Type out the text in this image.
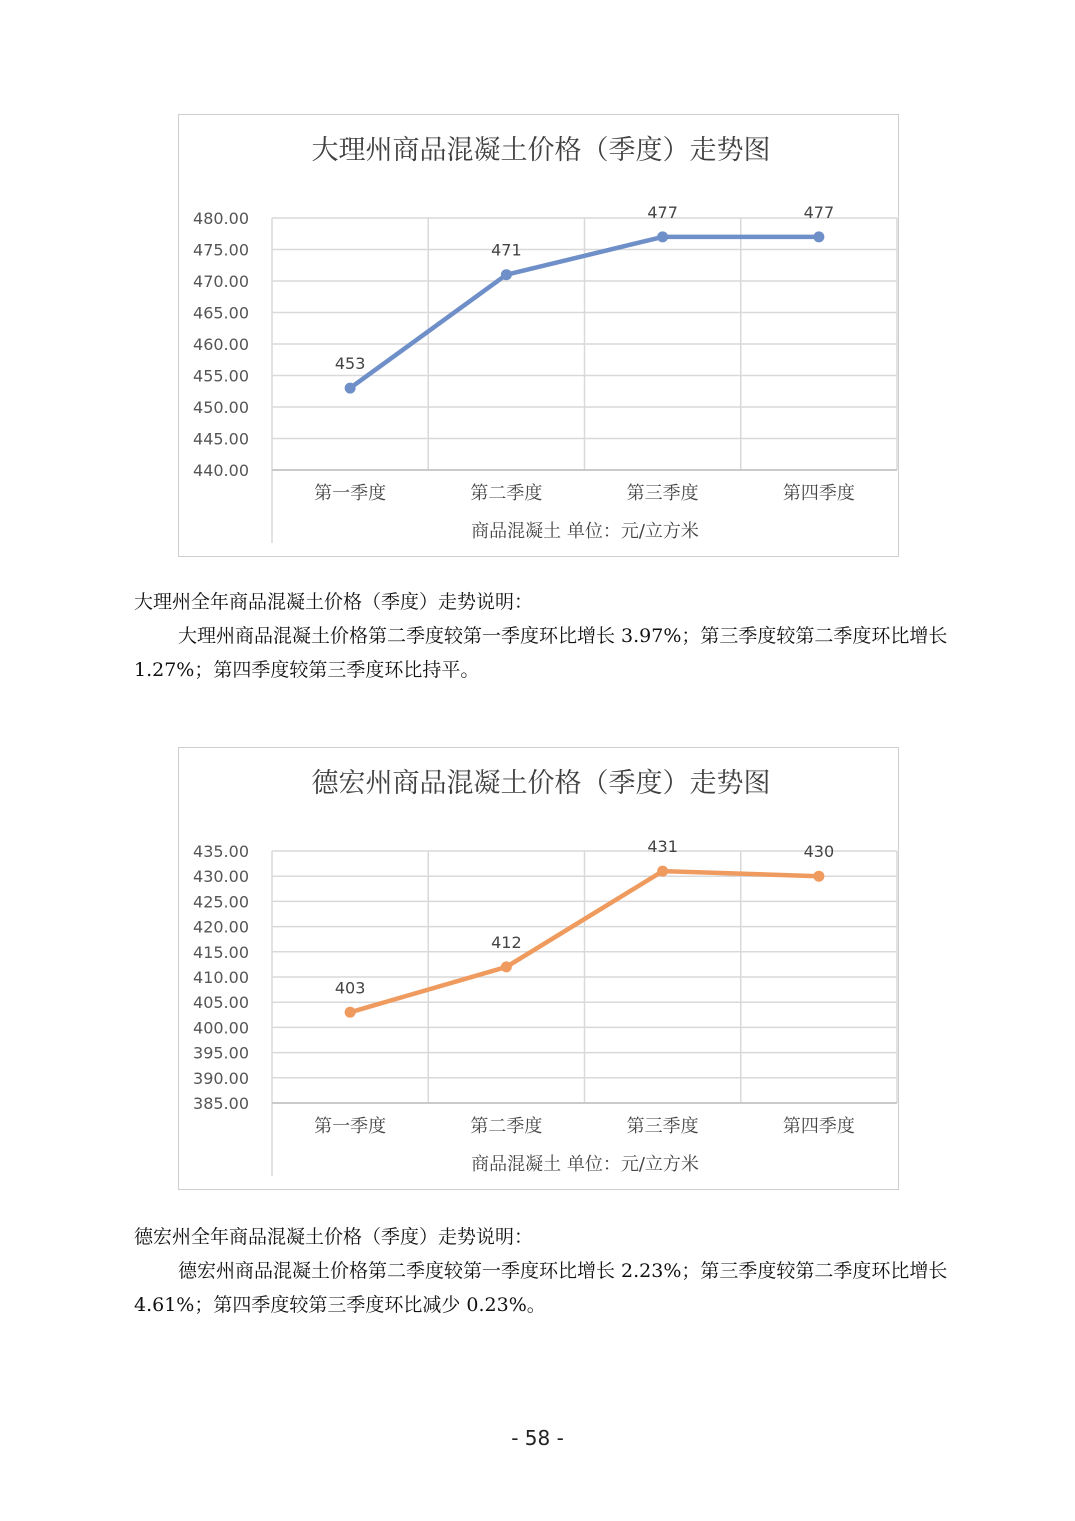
大理州商品混凝土价格（季度）走势图
480.00
475.00
470.00
465.00
460.00
455.00
450.00
445.00
440.00
第一季度	第二季度	第三季度	第四季度
商品混凝土 单位：元/立方米
453
471
477	477

大理州全年商品混凝土价格（季度）走势说明：

大理州商品混凝土价格第二季度较第一季度环比增长 3.97%；第三季度较第二季度环比增长 1.27%；第四季度较第三季度环比持平。

德宏州商品混凝土价格（季度）走势图
435.00
430.00
425.00
420.00
415.00
410.00
405.00
400.00
395.00
390.00
385.00
第一季度	第二季度	第三季度	第四季度
商品混凝土 单位：元/立方米
403
412
431	430

德宏州全年商品混凝土价格（季度）走势说明：

德宏州商品混凝土价格第二季度较第一季度环比增长 2.23%；第三季度较第二季度环比增长 4.61%；第四季度较第三季度环比减少 0.23%。

- 58 -
